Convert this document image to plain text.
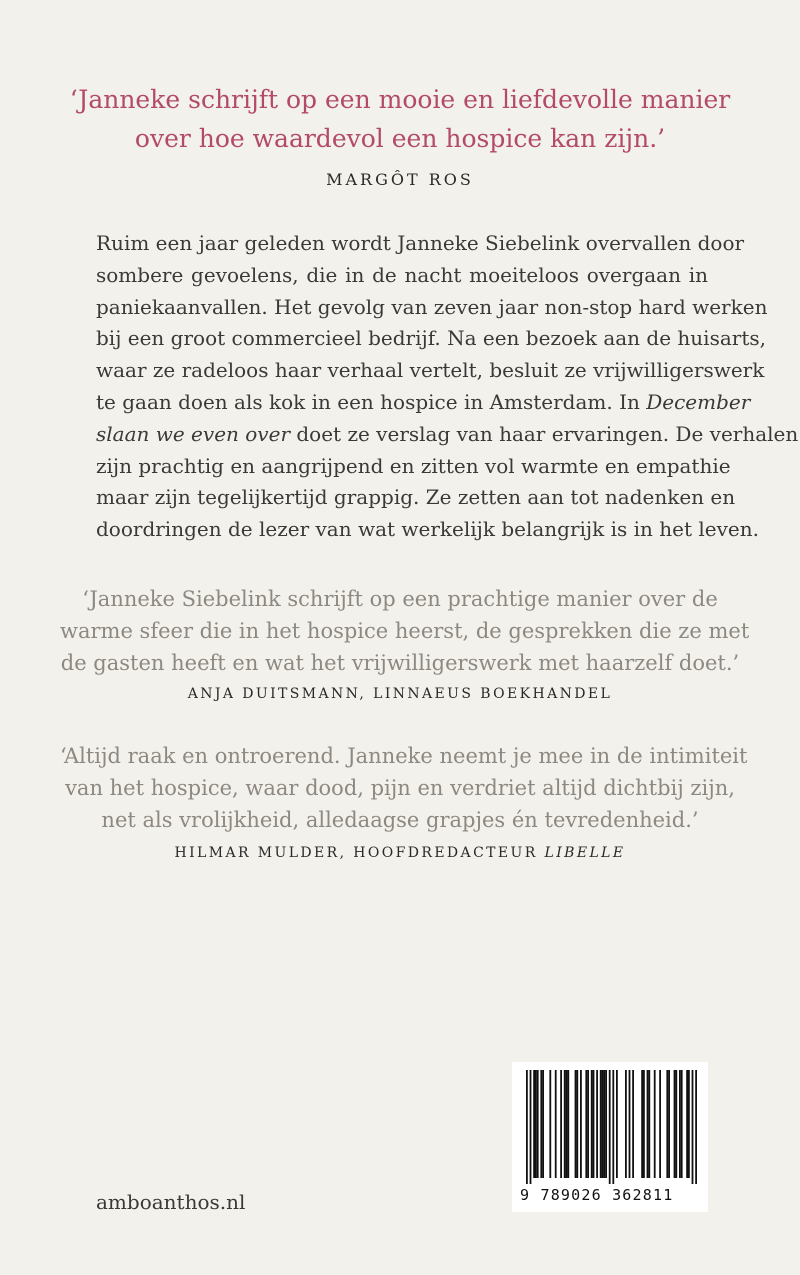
‘Janneke schrijft op een mooie en liefdevolle manier
over hoe waardevol een hospice kan zijn.’

MARGÔT ROS

Ruim een jaar geleden wordt Janneke Siebelink overvallen door
sombere gevoelens, die in de nacht moeiteloos overgaan in
paniekaanvallen. Het gevolg van zeven jaar non-stop hard werken
bij een groot commercieel bedrijf. Na een bezoek aan de huisarts,
waar ze radeloos haar verhaal vertelt, besluit ze vrijwilligerswerk
te gaan doen als kok in een hospice in Amsterdam. In December
slaan we even over doet ze verslag van haar ervaringen. De verhalen
zijn prachtig en aangrijpend en zitten vol warmte en empathie
maar zijn tegelijkertijd grappig. Ze zetten aan tot nadenken en
doordringen de lezer van wat werkelijk belangrijk is in het leven.

‘Janneke Siebelink schrijft op een prachtige manier over de
warme sfeer die in het hospice heerst, de gesprekken die ze met
de gasten heeft en wat het vrijwilligerswerk met haarzelf doet.’

ANJA DUITSMANN, LINNAEUS BOEKHANDEL

‘Altijd raak en ontroerend. Janneke neemt je mee in de intimiteit
van het hospice, waar dood, pijn en verdriet altijd dichtbij zijn,
net als vrolijkheid, alledaagse grapjes én tevredenheid.’

HILMAR MULDER, HOOFDREDACTEUR LIBELLE
amboanthos.nl	9 789026 362811
